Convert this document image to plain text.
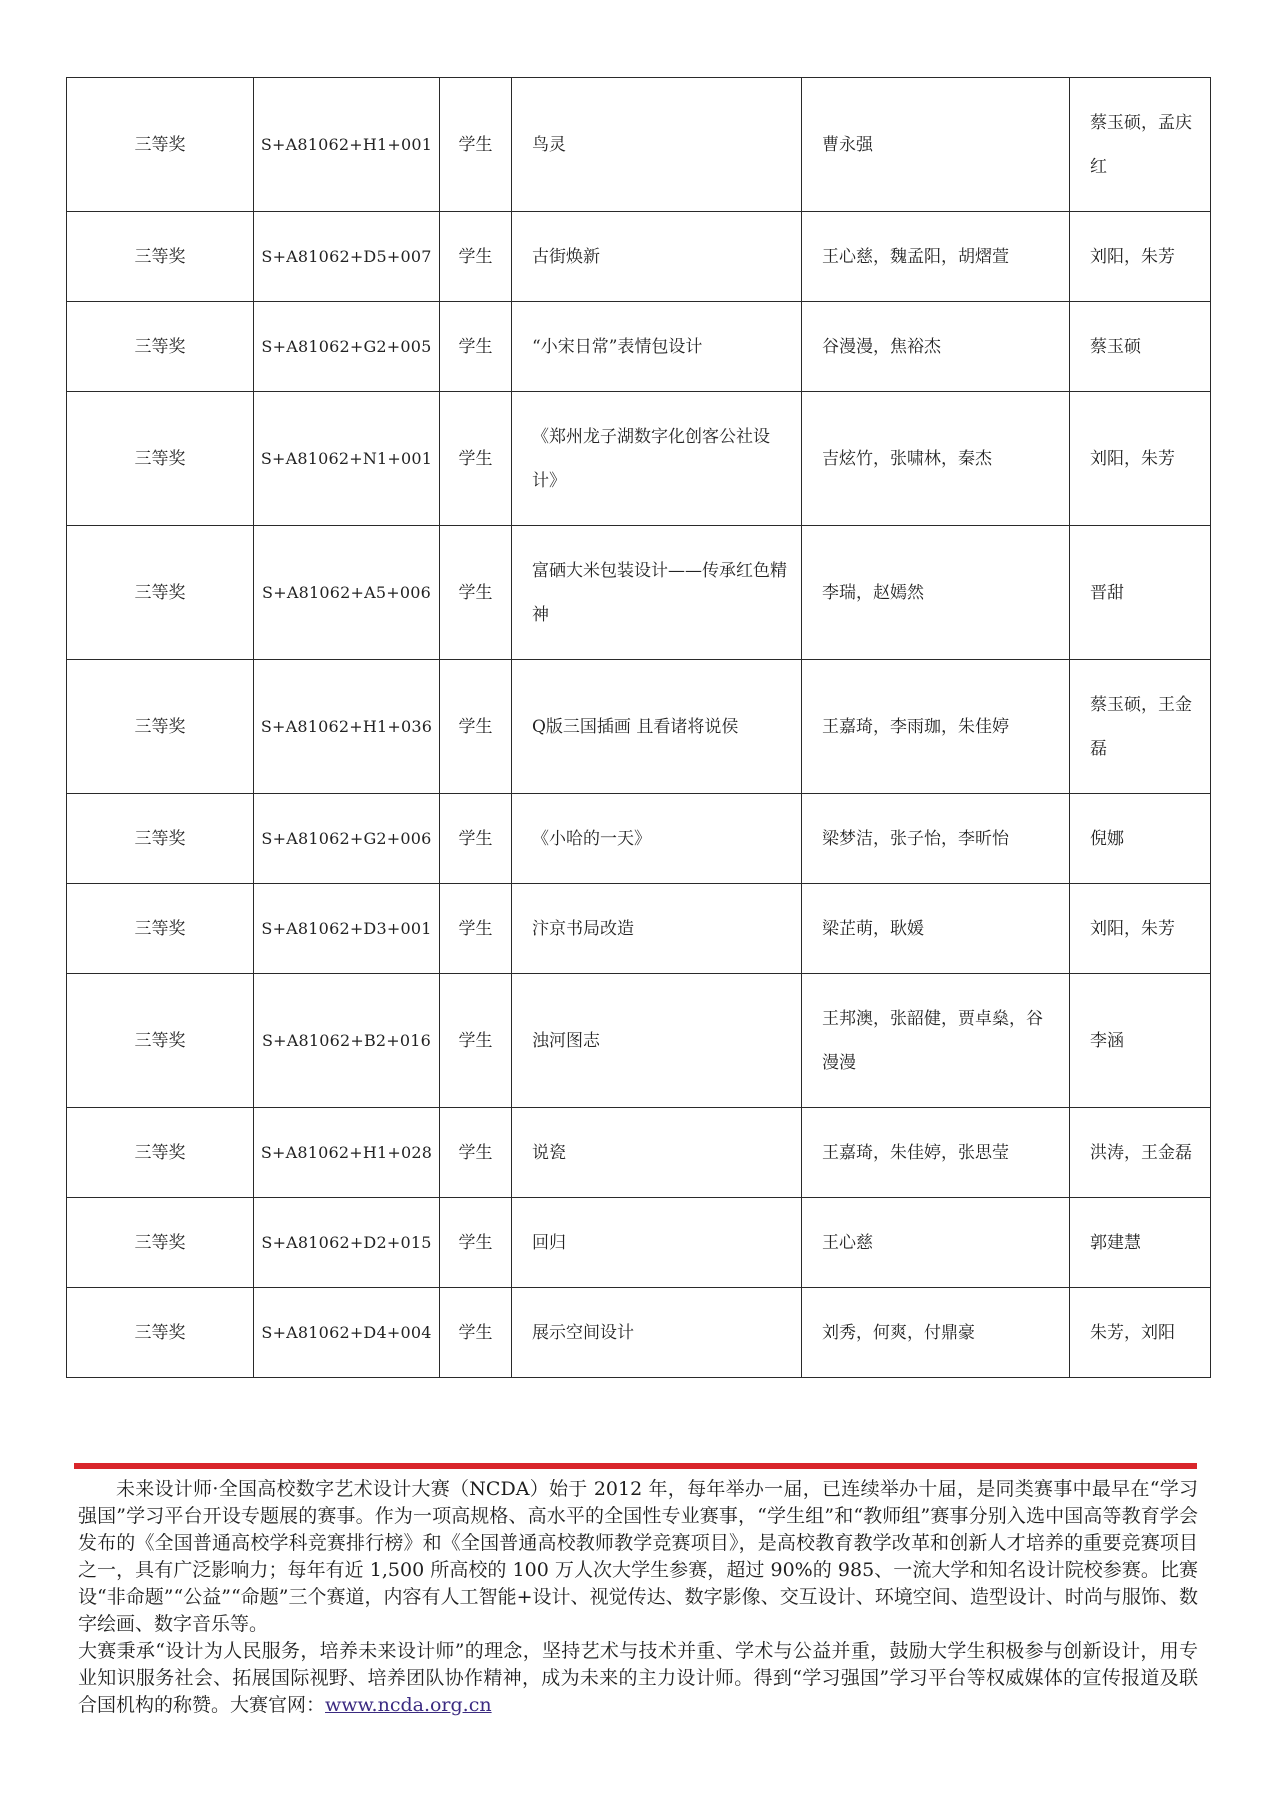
三等奖	S+A81062+H1+001	学生	鸟灵	曹永强	蔡玉硕，孟庆红
三等奖	S+A81062+D5+007	学生	古街焕新	王心慈，魏孟阳，胡熠萱	刘阳，朱芳
三等奖	S+A81062+G2+005	学生	“小宋日常”表情包设计	谷漫漫，焦裕杰	蔡玉硕
三等奖	S+A81062+N1+001	学生	《郑州龙子湖数字化创客公社设计》	吉炫竹，张啸林，秦杰	刘阳，朱芳
三等奖	S+A81062+A5+006	学生	富硒大米包装设计——传承红色精神	李瑞，赵嫣然	晋甜
三等奖	S+A81062+H1+036	学生	Q版三国插画 且看诸将说侯	王嘉琦，李雨珈，朱佳婷	蔡玉硕，王金磊
三等奖	S+A81062+G2+006	学生	《小哈的一天》	梁梦洁，张子怡，李昕怡	倪娜
三等奖	S+A81062+D3+001	学生	汴京书局改造	梁芷萌，耿媛	刘阳，朱芳
三等奖	S+A81062+B2+016	学生	浊河图志	王邦澳，张韶健，贾卓燊，谷漫漫	李涵
三等奖	S+A81062+H1+028	学生	说瓷	王嘉琦，朱佳婷，张思莹	洪涛，王金磊
三等奖	S+A81062+D2+015	学生	回归	王心慈	郭建慧
三等奖	S+A81062+D4+004	学生	展示空间设计	刘秀，何爽，付鼎豪	朱芳，刘阳

未来设计师·全国高校数字艺术设计大赛（NCDA）始于 2012 年，每年举办一届，已连续举办十届，是同类赛事中最早在“学习强国”学习平台开设专题展的赛事。作为一项高规格、高水平的全国性专业赛事，“学生组”和“教师组”赛事分别入选中国高等教育学会发布的《全国普通高校学科竞赛排行榜》和《全国普通高校教师教学竞赛项目》，是高校教育教学改革和创新人才培养的重要竞赛项目之一，具有广泛影响力；每年有近 1,500 所高校的 100 万人次大学生参赛，超过 90%的 985、一流大学和知名设计院校参赛。比赛设“非命题”“公益”“命题”三个赛道，内容有人工智能+设计、视觉传达、数字影像、交互设计、环境空间、造型设计、时尚与服饰、数字绘画、数字音乐等。

大赛秉承“设计为人民服务，培养未来设计师”的理念，坚持艺术与技术并重、学术与公益并重，鼓励大学生积极参与创新设计，用专业知识服务社会、拓展国际视野、培养团队协作精神，成为未来的主力设计师。得到“学习强国”学习平台等权威媒体的宣传报道及联合国机构的称赞。大赛官网：www.ncda.org.cn
